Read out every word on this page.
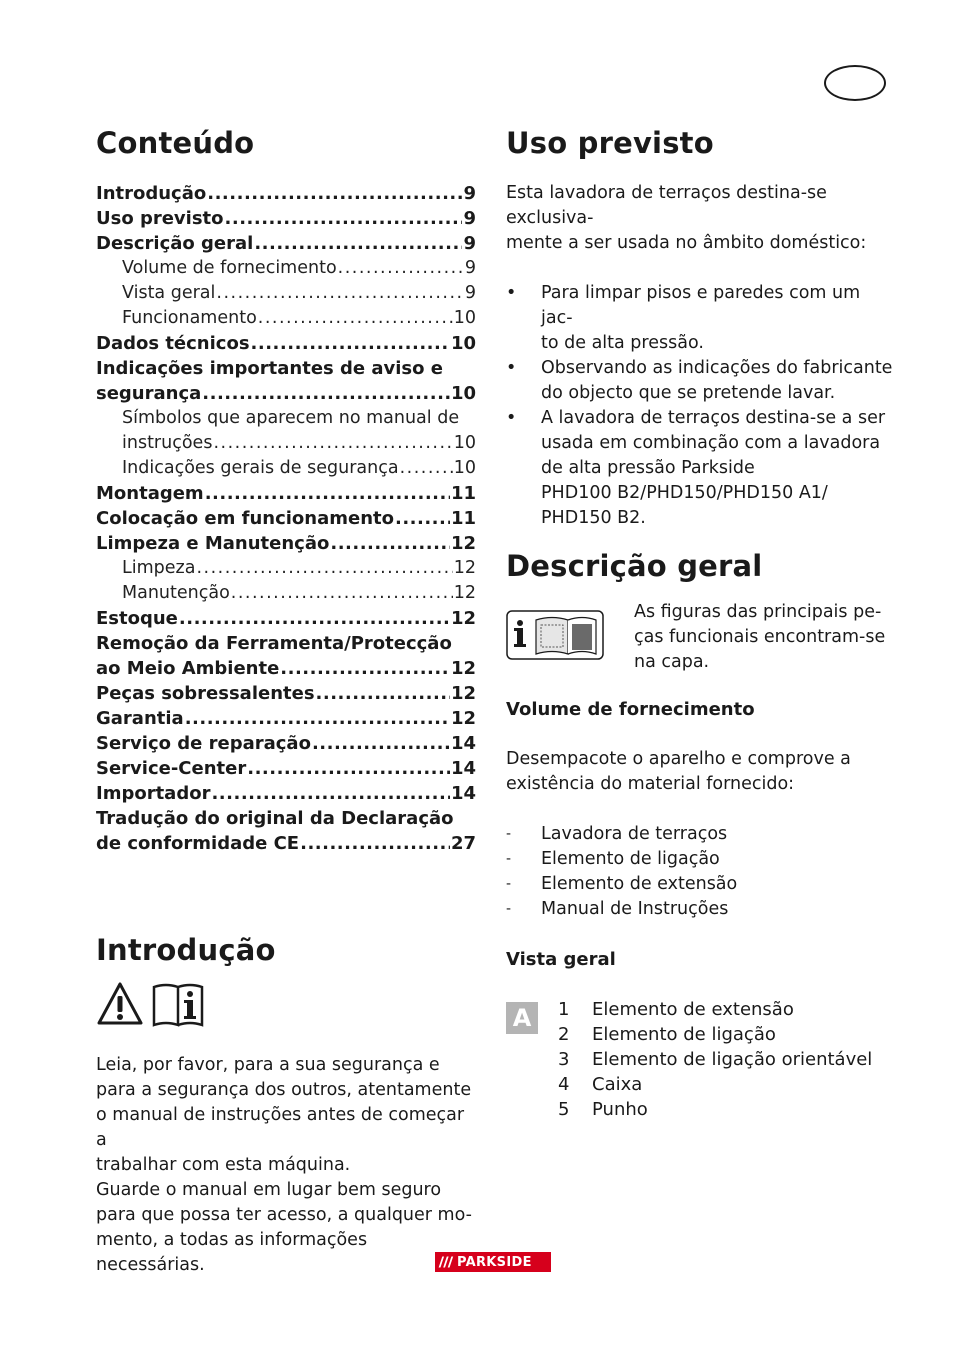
Conteúdo
Introdução .....	9
Uso previsto .....	9
Descrição geral .....	9
Volume de fornecimento .....	9
Vista geral .....	9
Funcionamento .....	10
Dados técnicos .....	10
Indicações importantes de aviso e
segurança .....	10
Símbolos que aparecem no manual de
instruções .....	10
Indicações gerais de segurança .....	10
Montagem .....	11
Colocação em funcionamento .....	11
Limpeza e Manutenção .....	12
Limpeza .....	12
Manutenção .....	12
Estoque .....	12
Remoção da Ferramenta/Protecção
ao Meio Ambiente .....	12
Peças sobressalentes .....	12
Garantia .....	12
Serviço de reparação .....	14
Service-Center .....	14
Importador .....	14
Tradução do original da Declaração
de conformidade CE .....	27
Introdução

Leia, por favor, para a sua segurança e

para a segurança dos outros, atentamente

o manual de instruções antes de começar a

trabalhar com esta máquina.

Guarde o manual em lugar bem seguro

para que possa ter acesso, a qualquer mo-

mento, a todas as informações necessárias.

Uso previsto

Esta lavadora de terraços destina-se exclusiva-

mente a ser usada no âmbito doméstico:

•	Para limpar pisos e paredes com um jac-
to de alta pressão.
•	Observando as indicações do fabricante
do objecto que se pretende lavar.
•	A lavadora de terraços destina-se a ser
usada em combinação com a lavadora
de alta pressão Parkside
PHD100 B2/PHD150/PHD150 A1/
PHD150 B2.
Descrição geral

As figuras das principais pe-

ças funcionais encontram-se

na capa.

Volume de fornecimento

Desempacote o aparelho e comprove a

existência do material fornecido:

-	Lavadora de terraços
-	Elemento de ligação
-	Elemento de extensão
-	Manual de Instruções

Vista geral

A	1	Elemento de extensão
2	Elemento de ligação
3	Elemento de ligação orientável
4	Caixa
5	Punho
PARKSIDE
